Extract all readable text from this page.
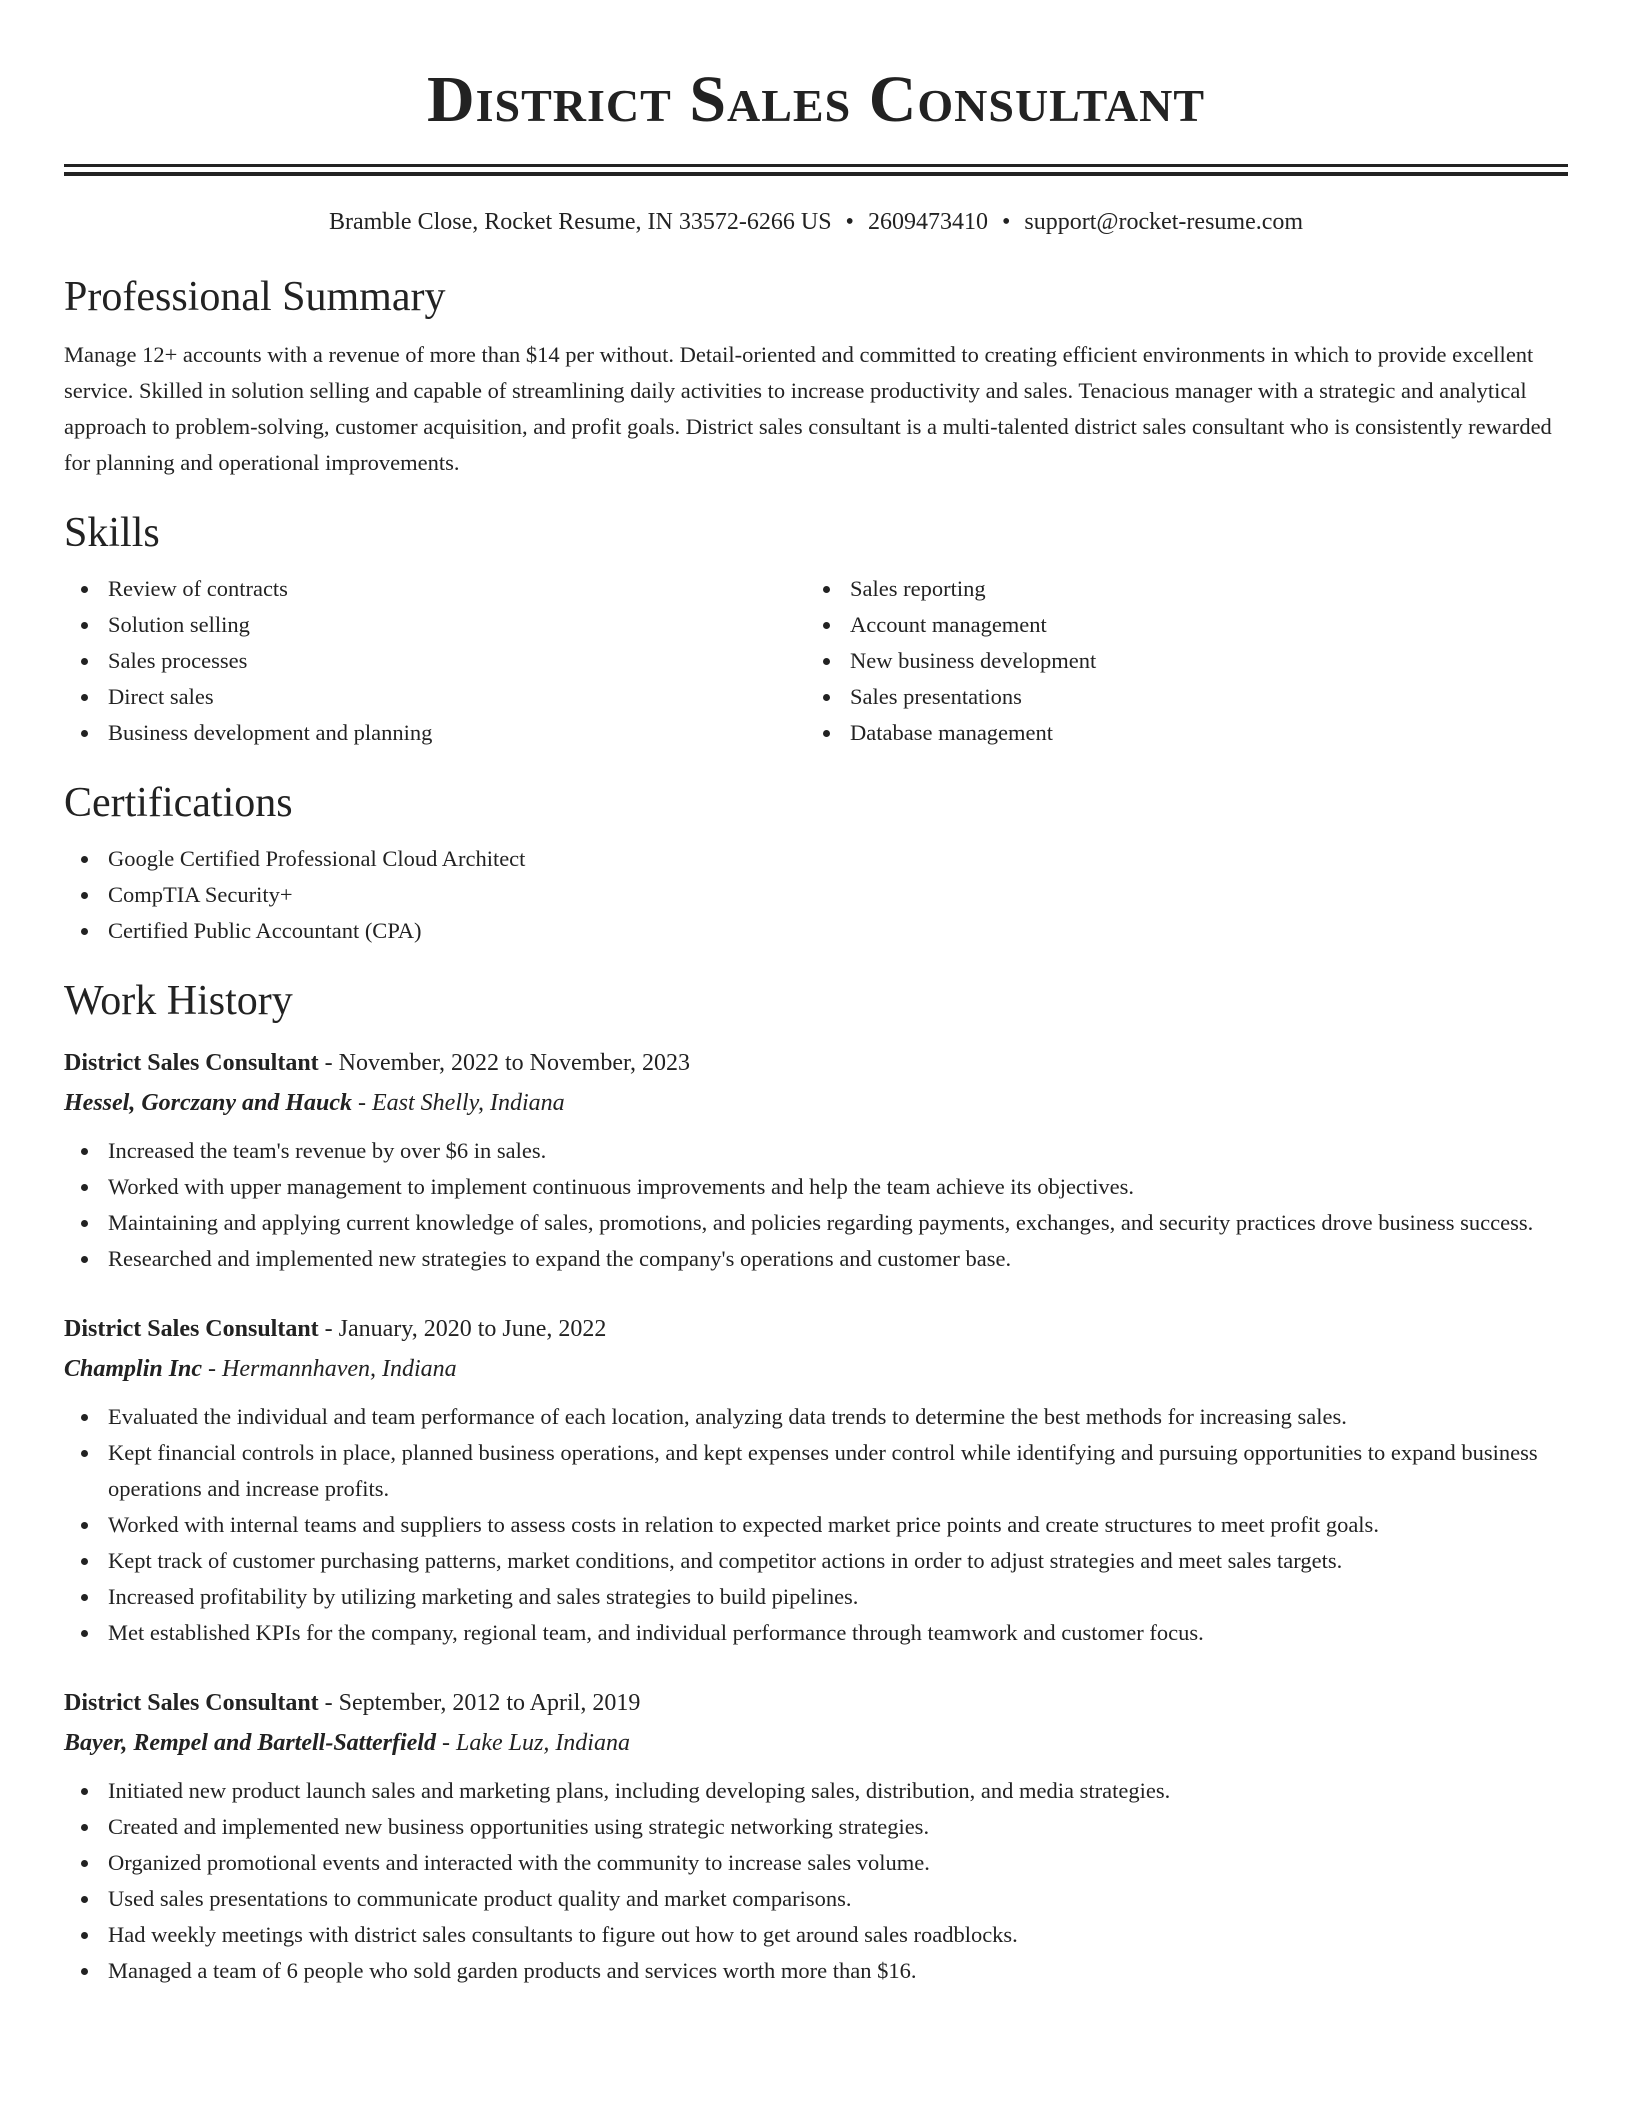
District Sales Consultant
Bramble Close, Rocket Resume, IN 33572-6266 US • 2609473410 • support@rocket-resume.com
Professional Summary
Manage 12+ accounts with a revenue of more than $14 per without. Detail-oriented and committed to creating efficient environments in which to provide excellent service. Skilled in solution selling and capable of streamlining daily activities to increase productivity and sales. Tenacious manager with a strategic and analytical approach to problem-solving, customer acquisition, and profit goals. District sales consultant is a multi-talented district sales consultant who is consistently rewarded for planning and operational improvements.
Skills
Review of contracts
Solution selling
Sales processes
Direct sales
Business development and planning
Sales reporting
Account management
New business development
Sales presentations
Database management
Certifications
Google Certified Professional Cloud Architect
CompTIA Security+
Certified Public Accountant (CPA)
Work History
District Sales Consultant - November, 2022 to November, 2023
Hessel, Gorczany and Hauck - East Shelly, Indiana
Increased the team's revenue by over $6 in sales.
Worked with upper management to implement continuous improvements and help the team achieve its objectives.
Maintaining and applying current knowledge of sales, promotions, and policies regarding payments, exchanges, and security practices drove business success.
Researched and implemented new strategies to expand the company's operations and customer base.
District Sales Consultant - January, 2020 to June, 2022
Champlin Inc - Hermannhaven, Indiana
Evaluated the individual and team performance of each location, analyzing data trends to determine the best methods for increasing sales.
Kept financial controls in place, planned business operations, and kept expenses under control while identifying and pursuing opportunities to expand business operations and increase profits.
Worked with internal teams and suppliers to assess costs in relation to expected market price points and create structures to meet profit goals.
Kept track of customer purchasing patterns, market conditions, and competitor actions in order to adjust strategies and meet sales targets.
Increased profitability by utilizing marketing and sales strategies to build pipelines.
Met established KPIs for the company, regional team, and individual performance through teamwork and customer focus.
District Sales Consultant - September, 2012 to April, 2019
Bayer, Rempel and Bartell-Satterfield - Lake Luz, Indiana
Initiated new product launch sales and marketing plans, including developing sales, distribution, and media strategies.
Created and implemented new business opportunities using strategic networking strategies.
Organized promotional events and interacted with the community to increase sales volume.
Used sales presentations to communicate product quality and market comparisons.
Had weekly meetings with district sales consultants to figure out how to get around sales roadblocks.
Managed a team of 6 people who sold garden products and services worth more than $16.
